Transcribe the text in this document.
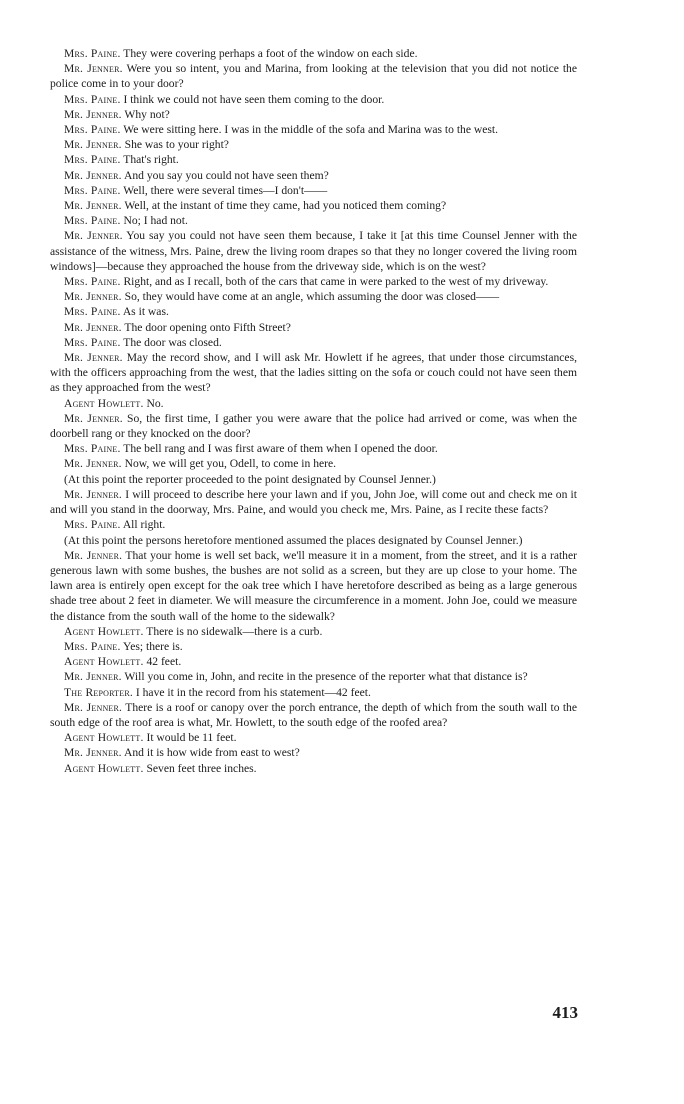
Mrs. Paine. They were covering perhaps a foot of the window on each side.

Mr. Jenner. Were you so intent, you and Marina, from looking at the television that you did not notice the police come in to your door?

Mrs. Paine. I think we could not have seen them coming to the door.

Mr. Jenner. Why not?

Mrs. Paine. We were sitting here. I was in the middle of the sofa and Marina was to the west.

Mr. Jenner. She was to your right?

Mrs. Paine. That's right.

Mr. Jenner. And you say you could not have seen them?

Mrs. Paine. Well, there were several times—I don't——

Mr. Jenner. Well, at the instant of time they came, had you noticed them coming?

Mrs. Paine. No; I had not.

Mr. Jenner. You say you could not have seen them because, I take it [at this time Counsel Jenner with the assistance of the witness, Mrs. Paine, drew the living room drapes so that they no longer covered the living room windows]—because they approached the house from the driveway side, which is on the west?

Mrs. Paine. Right, and as I recall, both of the cars that came in were parked to the west of my driveway.

Mr. Jenner. So, they would have come at an angle, which assuming the door was closed——

Mrs. Paine. As it was.

Mr. Jenner. The door opening onto Fifth Street?

Mrs. Paine. The door was closed.

Mr. Jenner. May the record show, and I will ask Mr. Howlett if he agrees, that under those circumstances, with the officers approaching from the west, that the ladies sitting on the sofa or couch could not have seen them as they approached from the west?

Agent Howlett. No.

Mr. Jenner. So, the first time, I gather you were aware that the police had arrived or come, was when the doorbell rang or they knocked on the door?

Mrs. Paine. The bell rang and I was first aware of them when I opened the door.

Mr. Jenner. Now, we will get you, Odell, to come in here.

(At this point the reporter proceeded to the point designated by Counsel Jenner.)

Mr. Jenner. I will proceed to describe here your lawn and if you, John Joe, will come out and check me on it and will you stand in the doorway, Mrs. Paine, and would you check me, Mrs. Paine, as I recite these facts?

Mrs. Paine. All right.

(At this point the persons heretofore mentioned assumed the places designated by Counsel Jenner.)

Mr. Jenner. That your home is well set back, we'll measure it in a moment, from the street, and it is a rather generous lawn with some bushes, the bushes are not solid as a screen, but they are up close to your home. The lawn area is entirely open except for the oak tree which I have heretofore described as being as a large generous shade tree about 2 feet in diameter. We will measure the circumference in a moment. John Joe, could we measure the distance from the south wall of the home to the sidewalk?

Agent Howlett. There is no sidewalk—there is a curb.

Mrs. Paine. Yes; there is.

Agent Howlett. 42 feet.

Mr. Jenner. Will you come in, John, and recite in the presence of the reporter what that distance is?

The Reporter. I have it in the record from his statement—42 feet.

Mr. Jenner. There is a roof or canopy over the porch entrance, the depth of which from the south wall to the south edge of the roof area is what, Mr. Howlett, to the south edge of the roofed area?

Agent Howlett. It would be 11 feet.

Mr. Jenner. And it is how wide from east to west?

Agent Howlett. Seven feet three inches.

413
